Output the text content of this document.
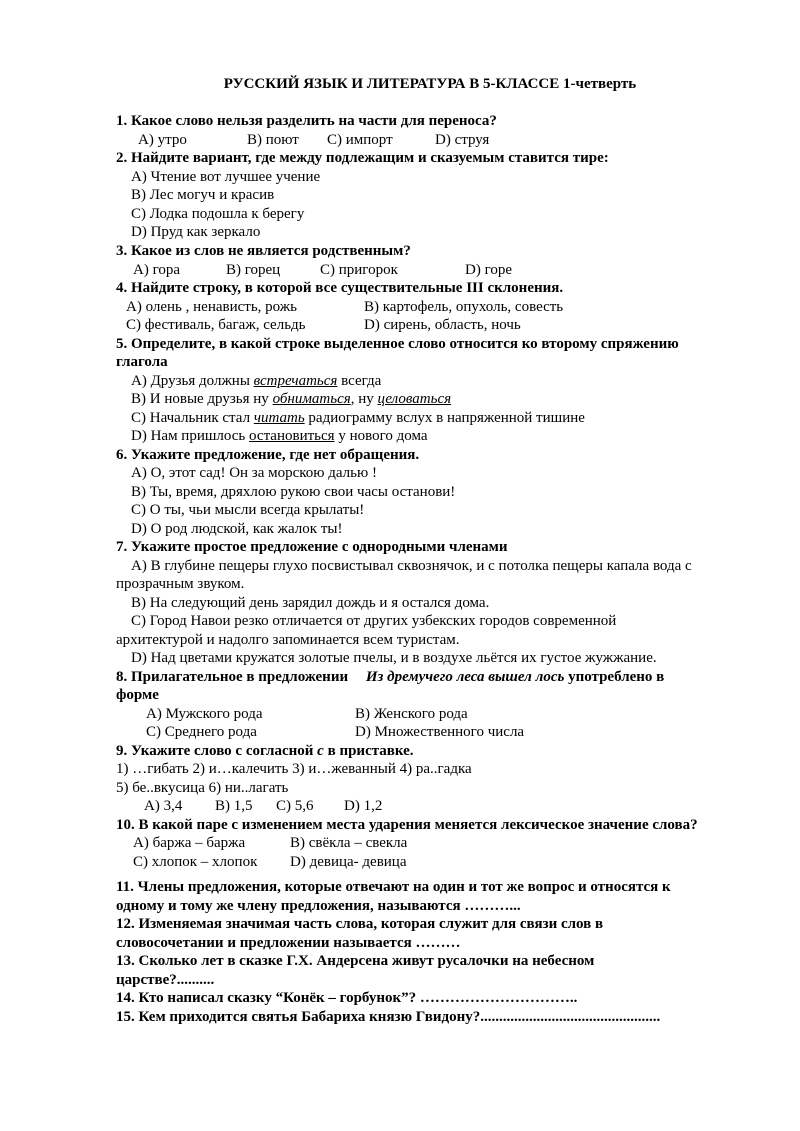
РУССКИЙ ЯЗЫК И ЛИТЕРАТУРА В 5-КЛАССЕ 1-четверть
1. Какое слово нельзя разделить на части для переноса?
А) утро	В) поют С) импорт	D) струя
2. Найдите вариант, где между подлежащим и сказуемым ставится тире:
А) Чтение вот лучшее учение
В) Лес могуч и красив
С) Лодка подошла к берегу
D) Пруд как зеркало
3. Какое из слов не является родственным?
А) гора	В) горец	С) пригорок	D) горе
4. Найдите строку, в которой все существительные III склонения.
А) олень , ненависть, рожь	В) картофель, опухоль, совесть
С) фестиваль, багаж, сельдь	D) сирень, область, ночь
5. Определите, в какой строке выделенное слово относится ко второму спряжению
глагола
А) Друзья должны встречаться всегда
В) И новые друзья ну обниматься, ну целоваться
С) Начальник стал читать радиограмму вслух в напряженной тишине
D) Нам пришлось остановиться у нового дома
6. Укажите предложение, где нет обращения.
А) О, этот сад! Он за морскою далью !
В) Ты, время, дряхлою рукою свои часы останови!
С) О ты, чьи мысли всегда крылаты!
D) О род людской, как жалок ты!
7. Укажите простое предложение с однородными членами
А) В глубине пещеры глухо посвистывал сквознячок, и с потолка пещеры капала вода с
прозрачным звуком.
В) На следующий день зарядил дождь и я остался дома.
С) Город Навои резко отличается от других узбекских городов современной
архитектурой и надолго запоминается всем туристам.
D) Над цветами кружатся золотые пчелы, и в воздухе льётся их густое жужжание.
8. Прилагательное в предложении Из дремучего леса вышел лось употреблено в
форме
А) Мужского рода	В) Женского рода
С) Среднего рода	D) Множественного числа
9. Укажите слово с согласной с в приставке.
1) …гибать 2) и…калечить 3) и…жеванный 4) ра..гадка
5) бе..вкусица 6) ни..лагать
А) 3,4 В) 1,5 С) 5,6 D) 1,2
10. В какой паре с изменением места ударения меняется лексическое значение слова?
А) баржа – баржа	В) свёкла – свекла
С) хлопок – хлопок D) девица- девица
11. Члены предложения, которые отвечают на один и тот же вопрос и относятся к
одному и тому же члену предложения, называются ………...
12. Изменяемая значимая часть слова, которая служит для связи слов в
словосочетании и предложении называется ………
13. Сколько лет в сказке Г.Х. Андерсена живут русалочки на небесном
царстве?..........
14. Кто написал сказку “Конёк – горбунок”? …………………………..
15. Кем приходится святья Бабариха князю Гвидону?................................................
